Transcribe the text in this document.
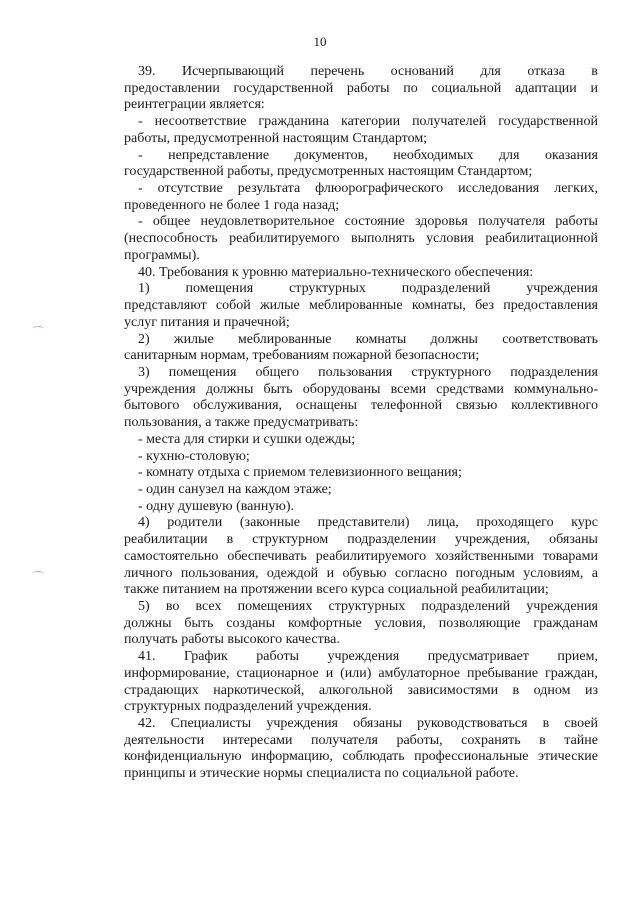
10
39. Исчерпывающий перечень оснований для отказа в
предоставлении государственной работы по социальной адаптации и
реинтеграции является:
- несоответствие гражданина категории получателей государственной
работы, предусмотренной настоящим Стандартом;
- непредставление документов, необходимых для оказания
государственной работы, предусмотренных настоящим Стандартом;
- отсутствие результата флюорографического исследования легких,
проведенного не более 1 года назад;
- общее неудовлетворительное состояние здоровья получателя работы
(неспособность реабилитируемого выполнять условия реабилитационной
программы).
40. Требования к уровню материально-технического обеспечения:
1)	помещения	структурных	подразделений	учреждения
представляют собой жилые меблированные комнаты, без предоставления
услуг питания и прачечной;
2) жилые меблированные комнаты должны соответствовать
санитарным нормам, требованиям пожарной безопасности;
3) помещения общего пользования структурного подразделения
учреждения должны быть оборудованы всеми средствами коммунально-
бытового обслуживания, оснащены телефонной связью коллективного
пользования, а также предусматривать:
- места для стирки и сушки одежды;
- кухню-столовую;
- комнату отдыха с приемом телевизионного вещания;
- один санузел на каждом этаже;
- одну душевую (ванную).
4) родители (законные представители) лица, проходящего курс
реабилитации в структурном подразделении учреждения, обязаны
самостоятельно обеспечивать реабилитируемого хозяйственными товарами
личного пользования, одеждой и обувью согласно погодным условиям, а
также питанием на протяжении всего курса социальной реабилитации;
5) во всех помещениях структурных подразделений учреждения
должны быть созданы комфортные условия, позволяющие гражданам
получать работы высокого качества.
41. График работы учреждения предусматривает прием,
информирование, стационарное и (или) амбулаторное пребывание граждан,
страдающих наркотической, алкогольной зависимостями в одном из
структурных подразделений учреждения.
42. Специалисты учреждения обязаны руководствоваться в своей
деятельности интересами получателя работы, сохранять в тайне
конфиденциальную информацию, соблюдать профессиональные этические
принципы и этические нормы специалиста по социальной работе.
